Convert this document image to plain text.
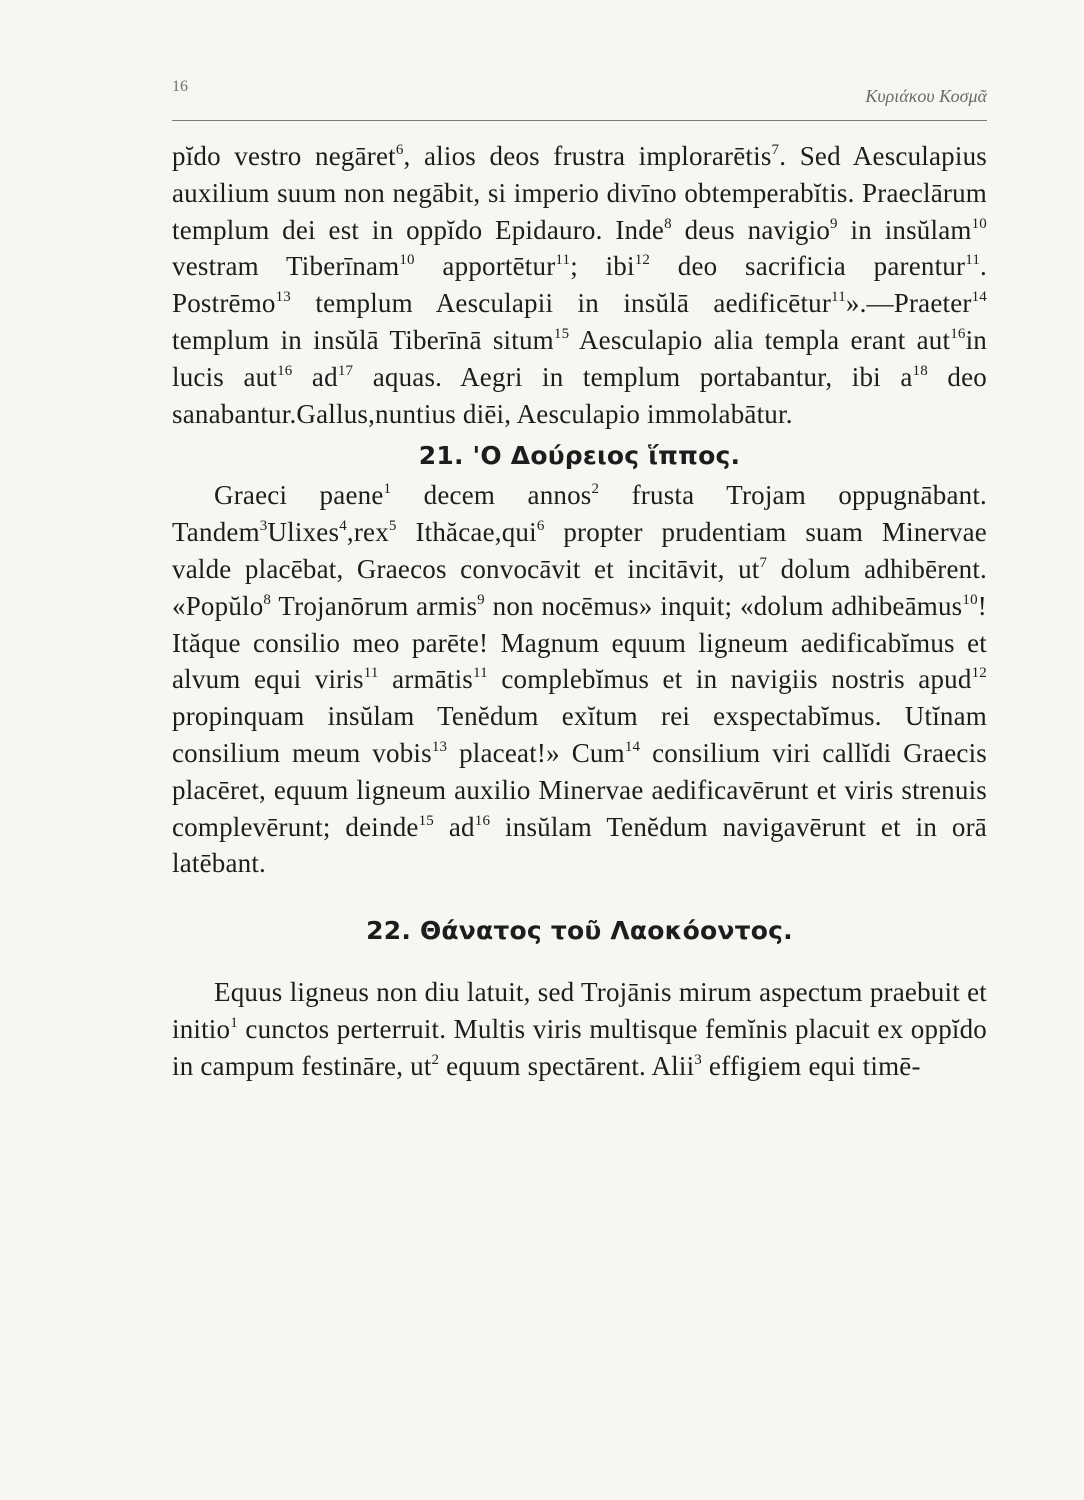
16	Κυριάκου Κοσμᾶ

pĭdo vestro negāret$^6$, alios deos frustra implorarētis$^7$. Sed Aesculapius auxilium suum non negābit, si imperio divīno obtemperabĭtis. Praeclārum templum dei est in oppĭdo Epidauro. Inde$^8$ deus navigio$^9$ in insŭlam$^{10}$ vestram Tiberīnam$^{10}$ apportētur$^{11}$; ibi$^{12}$ deo sacrificia parentur$^{11}$. Postrēmo$^{13}$ templum Aesculapii in insŭlā aedificētur$^{11}$».—Praeter$^{14}$ templum in insŭlā Tiberīnā situm$^{15}$ Aesculapio alia templa erant aut$^{16}$in lucis aut$^{16}$ $ad^{17}$ aquas. Aegri in templum portabantur, ibi $a^{18}$ deo sanabantur.Gallus,nuntius diēi, Aesculapio immolabātur.

21. 'Ο Δούρειος ἵππος.

Graeci paene$^1$ decem annos$^2$ frusta Trojam oppugnābant. Tandem$^3$Ulixes$^4$,rex$^5$ Ithăcae,qui$^6$ propter prudentiam suam Minervae valde placēbat, Graecos convocāvit et incitāvit, $ut^7$ dolum adhibērent. «Popŭlo$^8$ Trojanōrum armis$^9$ non nocēmus» inquit; «dolum adhibeāmus$^{10}$! Ităque consilio meo parēte! Magnum equum ligneum aedificabĭmus et alvum equi viris$^{11}$ armātis$^{11}$ complebĭmus et in navigiis nostris apud$^{12}$ propinquam insŭlam Tenĕdum exĭtum rei exspectabĭmus. Utĭnam consilium meum vobis$^{13}$ placeat!» Cum$^{14}$ consilium viri callĭdi Graecis placēret, equum ligneum auxilio Minervae aedificavērunt et viris strenuis complevērunt; deinde$^{15}$ $ad^{16}$ insŭlam Tenĕdum navigavērunt et in orā latēbant.

22. Θάνατος τοῦ Λαοκόοντος.

Equus ligneus non diu latuit, sed Trojānis mirum aspectum praebuit et initio$^1$ cunctos perterruit. Multis viris multisque femĭnis placuit ex oppĭdo in campum festināre, $ut^2$ equum spectārent. Alii$^3$ effigiem equi timē-
